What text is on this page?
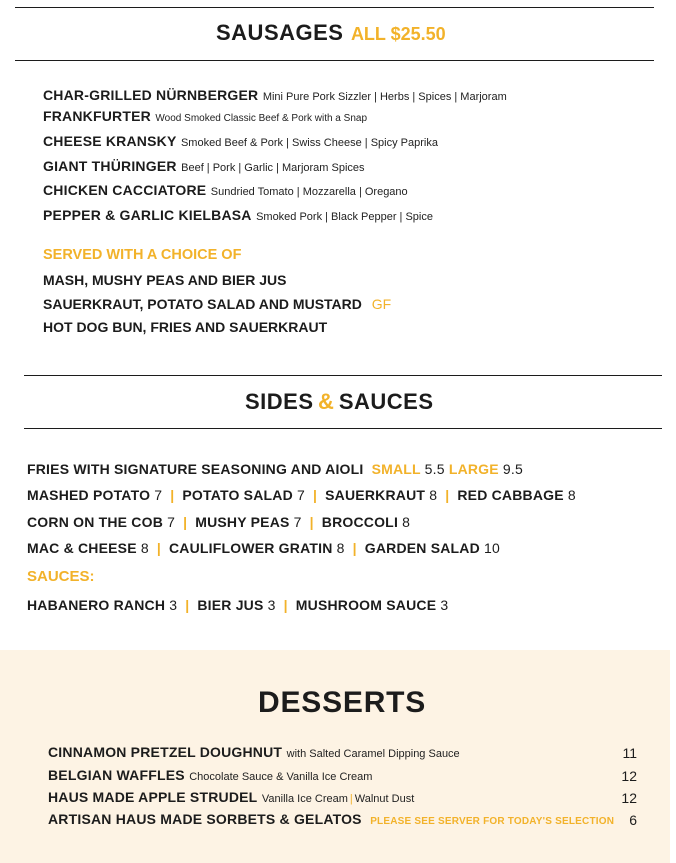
SAUSAGES ALL $25.50
CHAR-GRILLED NÜRNBERGER Mini Pure Pork Sizzler | Herbs | Spices | Marjoram
FRANKFURTER Wood Smoked Classic Beef & Pork with a Snap
CHEESE KRANSKY Smoked Beef & Pork | Swiss Cheese | Spicy Paprika
GIANT THÜRINGER Beef | Pork | Garlic | Marjoram Spices
CHICKEN CACCIATORE Sundried Tomato | Mozzarella | Oregano
PEPPER & GARLIC KIELBASA Smoked Pork | Black Pepper | Spice
SERVED WITH A CHOICE OF
MASH, MUSHY PEAS AND BIER JUS
SAUERKRAUT, POTATO SALAD AND MUSTARD GF
HOT DOG BUN, FRIES AND SAUERKRAUT
SIDES & SAUCES
FRIES WITH SIGNATURE SEASONING AND AIOLI SMALL 5.5 LARGE 9.5
MASHED POTATO 7 | POTATO SALAD 7 | SAUERKRAUT 8 | RED CABBAGE 8
CORN ON THE COB 7 | MUSHY PEAS 7 | BROCCOLI 8
MAC & CHEESE 8 | CAULIFLOWER GRATIN 8 | GARDEN SALAD 10
SAUCES:
HABANERO RANCH 3 | BIER JUS 3 | MUSHROOM SAUCE 3
DESSERTS
CINNAMON PRETZEL DOUGHNUT with Salted Caramel Dipping Sauce	11
BELGIAN WAFFLES Chocolate Sauce & Vanilla Ice Cream	12
HAUS MADE APPLE STRUDEL Vanilla Ice Cream | Walnut Dust	12
ARTISAN HAUS MADE SORBETS & GELATOS PLEASE SEE SERVER FOR TODAY'S SELECTION	6
